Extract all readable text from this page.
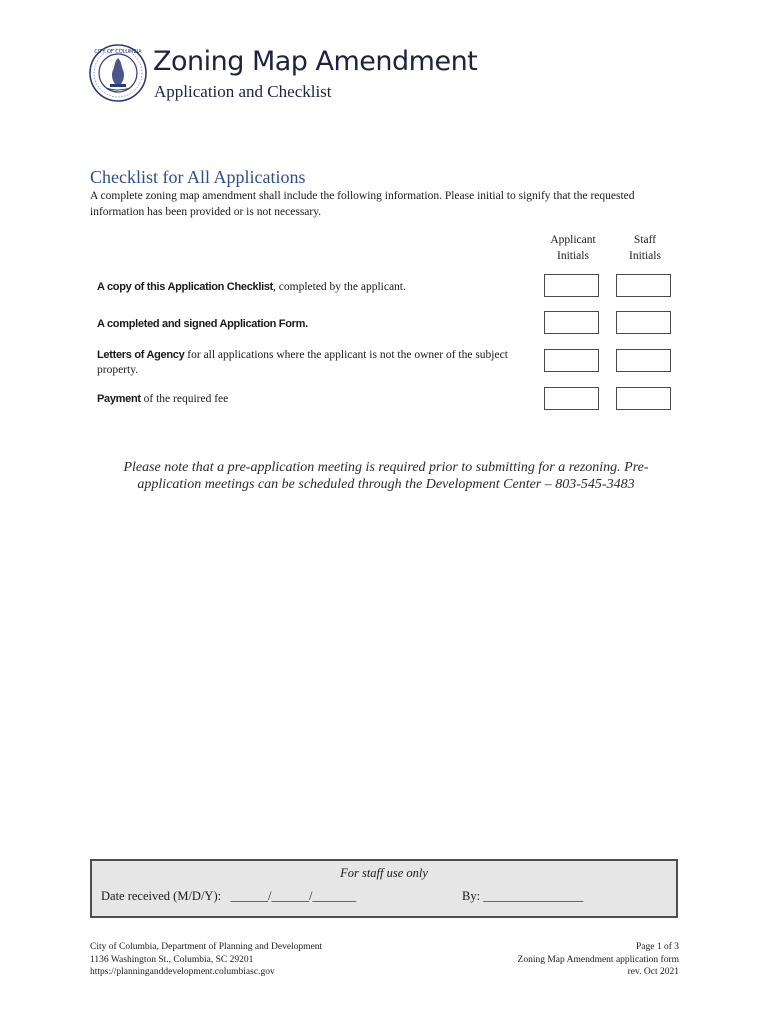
CITY OF COLUMBIA Zoning Map Amendment
Application and Checklist
Checklist for All Applications
A complete zoning map amendment shall include the following information. Please initial to signify that the requested information has been provided or is not necessary.
Applicant
Initials
Staff
Initials
A copy of this Application Checklist, completed by the applicant.
A completed and signed Application Form.
Letters of Agency for all applications where the applicant is not the owner of the subject property.
Payment of the required fee
Please note that a pre-application meeting is required prior to submitting for a rezoning. Pre-application meetings can be scheduled through the Development Center – 803-545-3483
For staff use only
Date received (M/D/Y): ______/______/_______	By: ________________
City of Columbia, Department of Planning and Development
1136 Washington St., Columbia, SC 29201
https://planninganddevelopment.columbiasc.gov
Page 1 of 3
Zoning Map Amendment application form
rev. Oct 2021
